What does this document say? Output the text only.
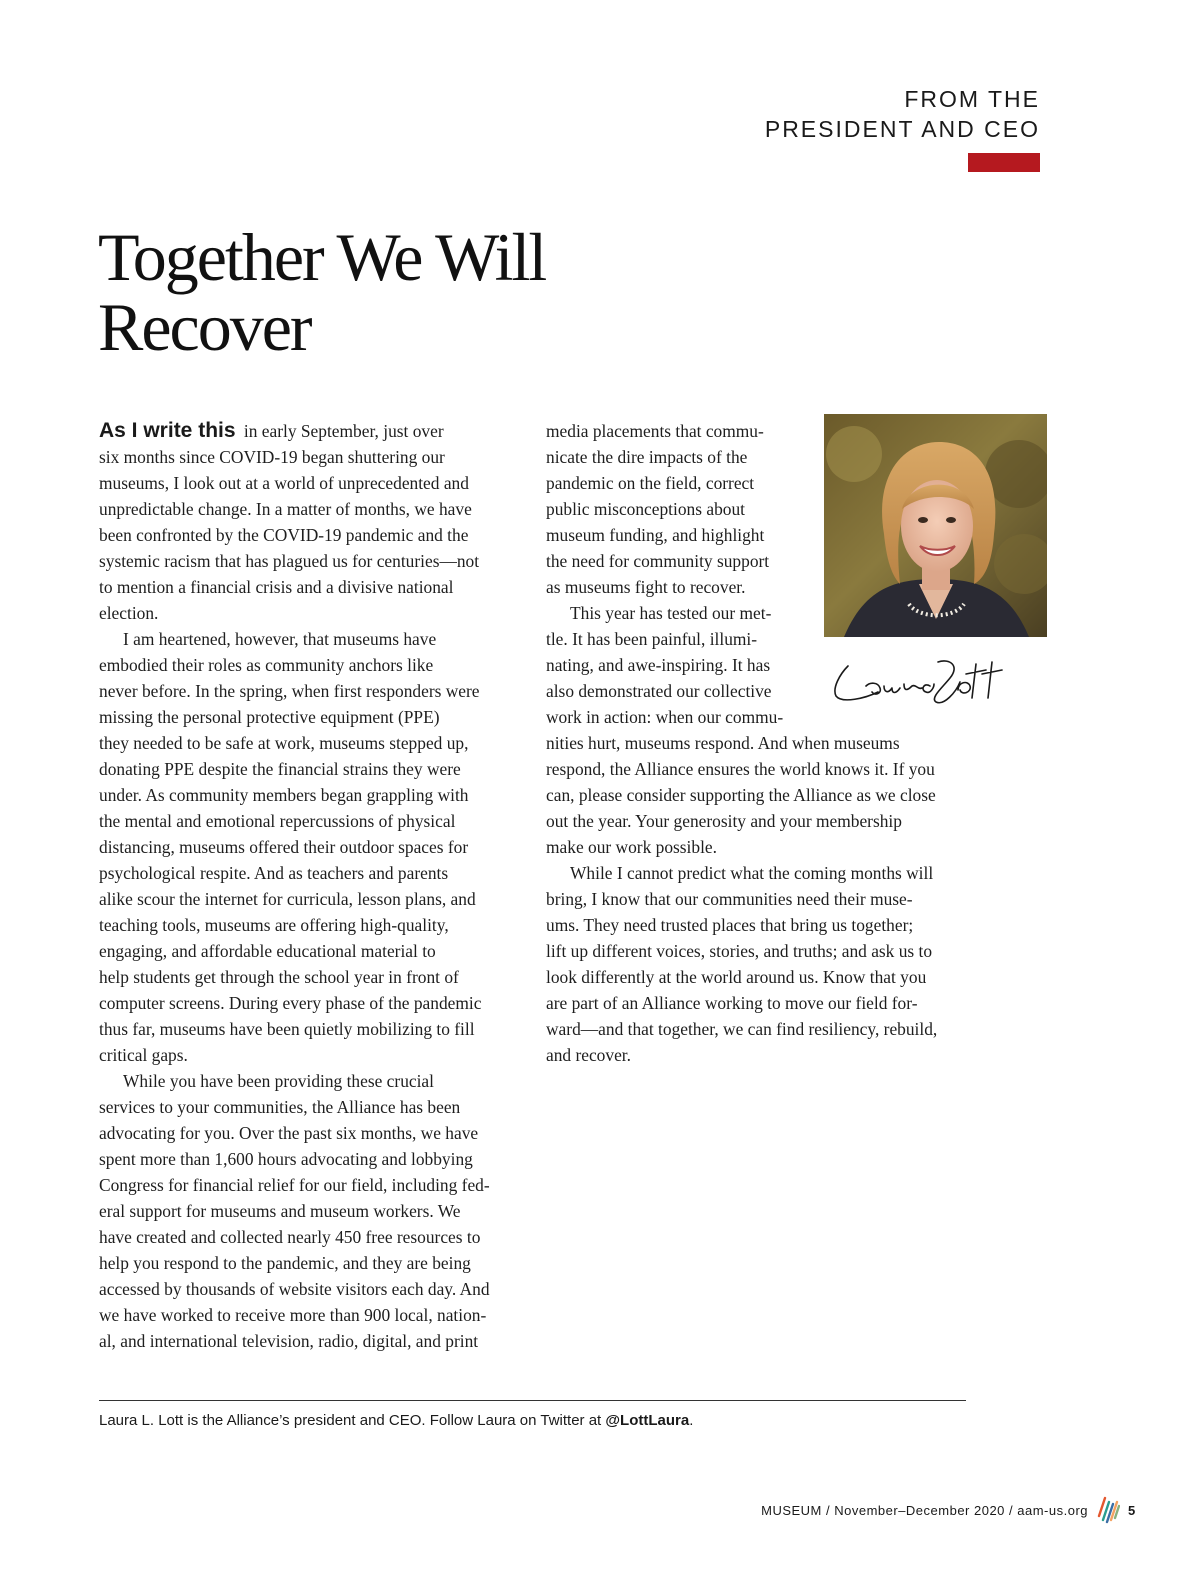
FROM THE
PRESIDENT AND CEO
Together We Will
Recover
As I write this in early September, just over
six months since COVID-19 began shuttering our
museums, I look out at a world of unprecedented and
unpredictable change. In a matter of months, we have
been confronted by the COVID-19 pandemic and the
systemic racism that has plagued us for centuries—not
to mention a financial crisis and a divisive national
election.
I am heartened, however, that museums have
embodied their roles as community anchors like
never before. In the spring, when first responders were
missing the personal protective equipment (PPE)
they needed to be safe at work, museums stepped up,
donating PPE despite the financial strains they were
under. As community members began grappling with
the mental and emotional repercussions of physical
distancing, museums offered their outdoor spaces for
psychological respite. And as teachers and parents
alike scour the internet for curricula, lesson plans, and
teaching tools, museums are offering high-quality,
engaging, and affordable educational material to
help students get through the school year in front of
computer screens. During every phase of the pandemic
thus far, museums have been quietly mobilizing to fill
critical gaps.
While you have been providing these crucial
services to your communities, the Alliance has been
advocating for you. Over the past six months, we have
spent more than 1,600 hours advocating and lobbying
Congress for financial relief for our field, including fed-
eral support for museums and museum workers. We
have created and collected nearly 450 free resources to
help you respond to the pandemic, and they are being
accessed by thousands of website visitors each day. And
we have worked to receive more than 900 local, nation-
al, and international television, radio, digital, and print
media placements that commu-
nicate the dire impacts of the
pandemic on the field, correct
public misconceptions about
museum funding, and highlight
the need for community support
as museums fight to recover.
This year has tested our met-
tle. It has been painful, illumi-
nating, and awe-inspiring. It has
also demonstrated our collective
work in action: when our commu-
nities hurt, museums respond. And when museums
respond, the Alliance ensures the world knows it. If you
can, please consider supporting the Alliance as we close
out the year. Your generosity and your membership
make our work possible.
While I cannot predict what the coming months will
bring, I know that our communities need their muse-
ums. They need trusted places that bring us together;
lift up different voices, stories, and truths; and ask us to
look differently at the world around us. Know that you
are part of an Alliance working to move our field for-
ward—and that together, we can find resiliency, rebuild,
and recover.
Laura L. Lott is the Alliance’s president and CEO. Follow Laura on Twitter at @LottLaura.
MUSEUM / November–December 2020 / aam-us.org	5
